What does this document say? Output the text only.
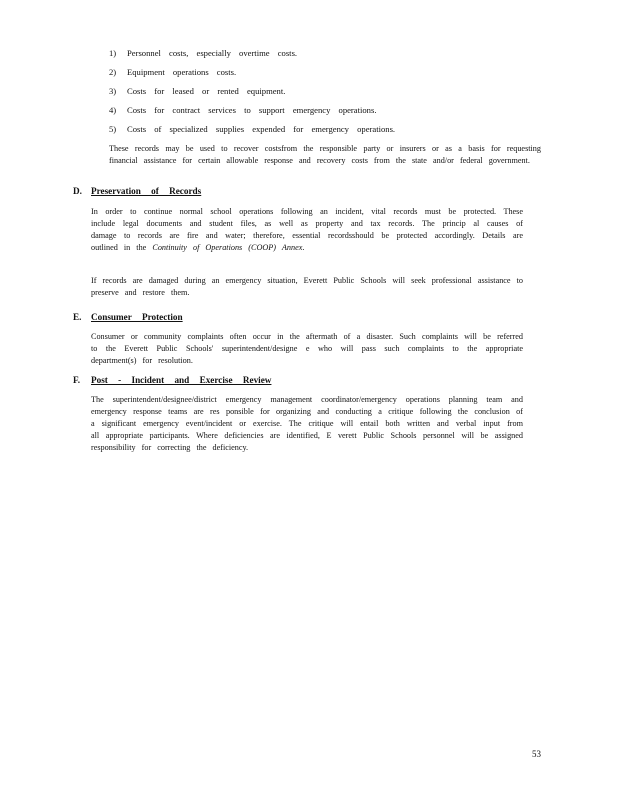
1) Personnel costs, especially overtime costs.
2) Equipment operations costs.
3) Costs for leased or rented equipment.
4) Costs for contract services to support emergency operations.
5) Costs of specialized supplies expended for emergency operations.

These records may be used to recover costsfrom the responsible party or insurers or as a basis for requesting financial assistance for certain allowable response and recovery costs from the state and/or federal government.

D. Preservation of Records

In order to continue normal school operations following an incident, vital records must be protected. These include legal documents and student files, as well as property and tax records. The princip al causes of damage to records are fire and water; therefore, essential recordsshould be protected accordingly. Details are outlined in the Continuity of Operations (COOP) Annex.

If records are damaged during an emergency situation, Everett Public Schools will seek professional assistance to preserve and restore them.

E. Consumer Protection

Consumer or community complaints often occur in the aftermath of a disaster. Such complaints will be referred to the Everett Public Schools' superintendent/designe e who will pass such complaints to the appropriate department(s) for resolution.

F. Post - Incident and Exercise Review

The superintendent/designee/district emergency management coordinator/emergency operations planning team and emergency response teams are res ponsible for organizing and conducting a critique following the conclusion of a significant emergency event/incident or exercise. The critique will entail both written and verbal input from all appropriate participants. Where deficiencies are identified, E verett Public Schools personnel will be assigned responsibility for correcting the deficiency.

53
